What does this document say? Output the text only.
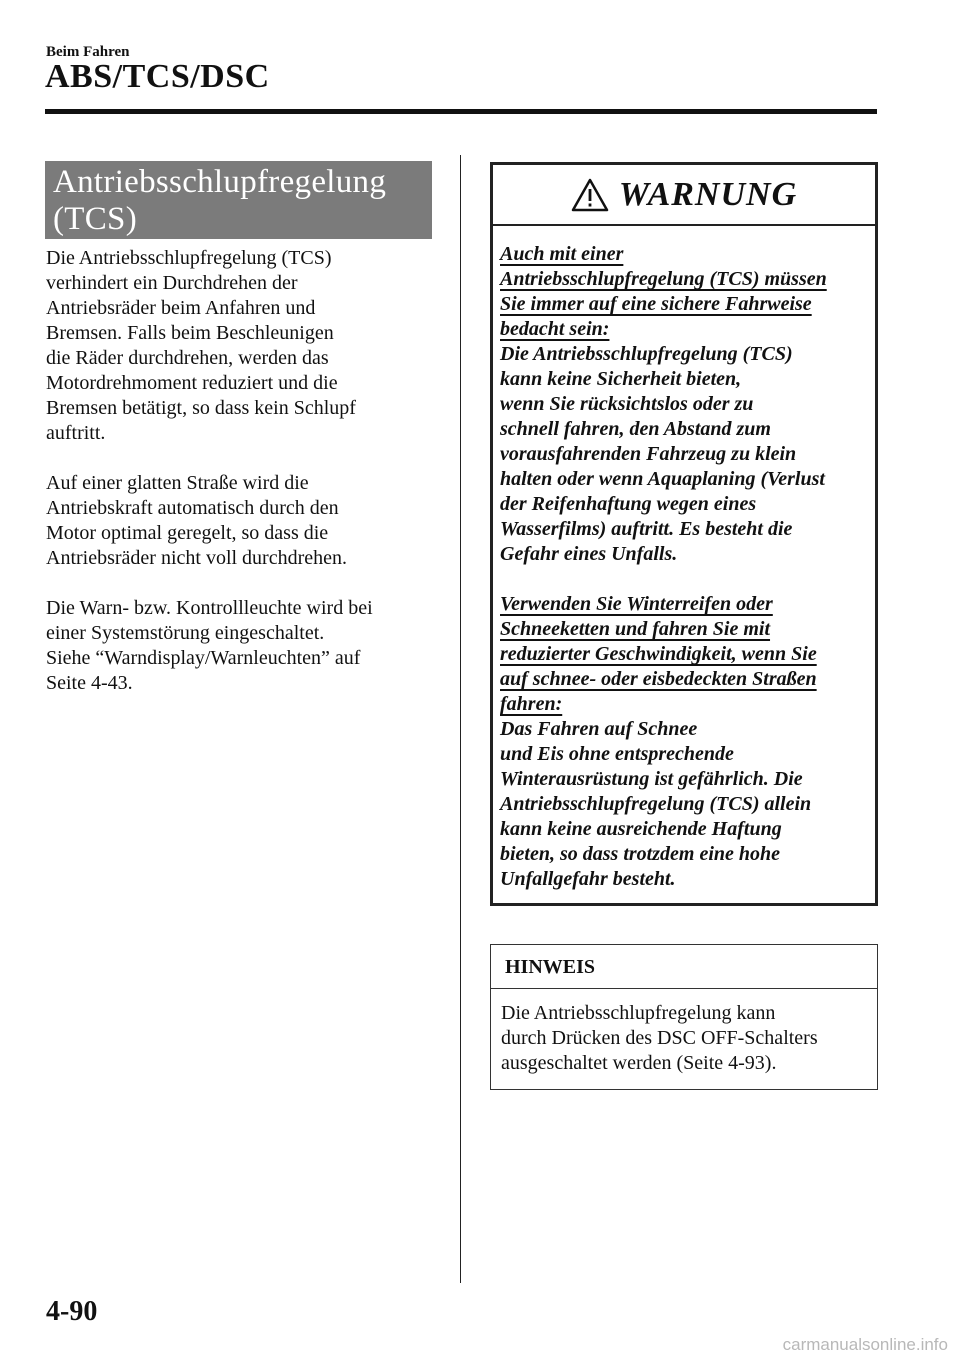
Beim Fahren
ABS/TCS/DSC
Antriebsschlupfregelung
(TCS)

Die Antriebsschlupfregelung (TCS)
verhindert ein Durchdrehen der
Antriebsräder beim Anfahren und
Bremsen. Falls beim Beschleunigen
die Räder durchdrehen, werden das
Motordrehmoment reduziert und die
Bremsen betätigt, so dass kein Schlupf
auftritt.

Auf einer glatten Straße wird die
Antriebskraft automatisch durch den
Motor optimal geregelt, so dass die
Antriebsräder nicht voll durchdrehen.

Die Warn- bzw. Kontrollleuchte wird bei
einer Systemstörung eingeschaltet.
Siehe “Warndisplay/Warnleuchten” auf
Seite 4-43.

WARNUNG
Auch mit einer
Antriebsschlupfregelung (TCS) müssen
Sie immer auf eine sichere Fahrweise
bedacht sein:
Die Antriebsschlupfregelung (TCS)
kann keine Sicherheit bieten,
wenn Sie rücksichtslos oder zu
schnell fahren, den Abstand zum
vorausfahrenden Fahrzeug zu klein
halten oder wenn Aquaplaning (Verlust
der Reifenhaftung wegen eines
Wasserfilms) auftritt. Es besteht die
Gefahr eines Unfalls.
Verwenden Sie Winterreifen oder
Schneeketten und fahren Sie mit
reduzierter Geschwindigkeit, wenn Sie
auf schnee- oder eisbedeckten Straßen
fahren:
Das Fahren auf Schnee
und Eis ohne entsprechende
Winterausrüstung ist gefährlich. Die
Antriebsschlupfregelung (TCS) allein
kann keine ausreichende Haftung
bieten, so dass trotzdem eine hohe
Unfallgefahr besteht.
HINWEIS
Die Antriebsschlupfregelung kann
durch Drücken des DSC OFF-Schalters
ausgeschaltet werden (Seite 4-93).
4-90
carmanualsonline.info
